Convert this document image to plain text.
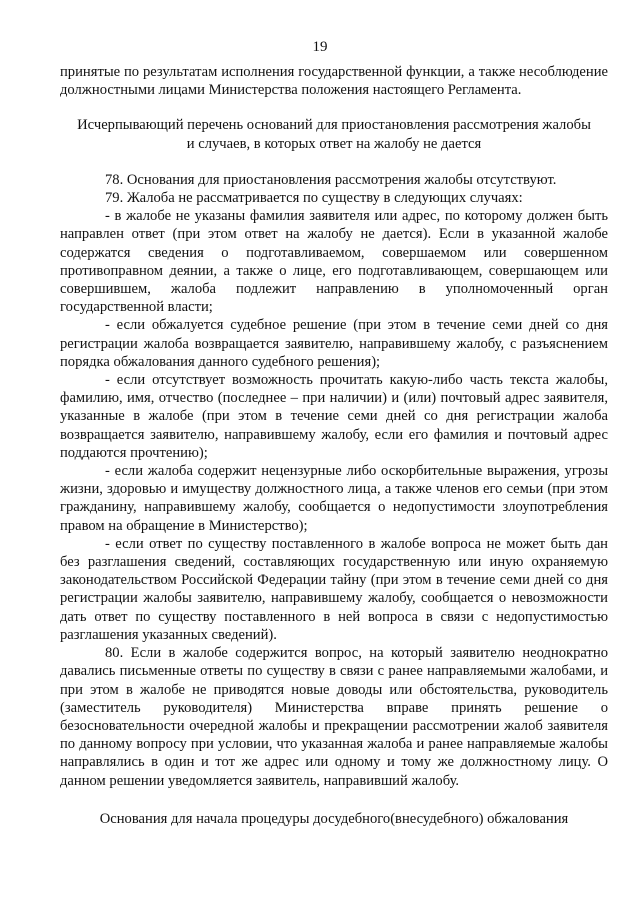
19

принятые по результатам исполнения государственной функции, а также несоблюдение должностными лицами Министерства положения настоящего Регламента.

Исчерпывающий перечень оснований для приостановления рассмотрения жалобы

и случаев, в которых ответ на жалобу не дается

78. Основания для приостановления рассмотрения жалобы отсутствуют.

79. Жалоба не рассматривается по существу в следующих случаях:

- в жалобе не указаны фамилия заявителя или адрес, по которому должен быть направлен ответ (при этом ответ на жалобу не дается). Если в указанной жалобе содержатся сведения о подготавливаемом, совершаемом или совершенном противоправном деянии, а также о лице, его подготавливающем, совершающем или совершившем, жалоба подлежит направлению в уполномоченный орган государственной власти;

- если обжалуется судебное решение (при этом в течение семи дней со дня регистрации жалоба возвращается заявителю, направившему жалобу, с разъяснением порядка обжалования данного судебного решения);

- если отсутствует возможность прочитать какую-либо часть текста жалобы, фамилию, имя, отчество (последнее – при наличии) и (или) почтовый адрес заявителя, указанные в жалобе (при этом в течение семи дней со дня регистрации жалоба возвращается заявителю, направившему жалобу, если его фамилия и почтовый адрес поддаются прочтению);

- если жалоба содержит нецензурные либо оскорбительные выражения, угрозы жизни, здоровью и имуществу должностного лица, а также членов его семьи (при этом гражданину, направившему жалобу, сообщается о недопустимости злоупотребления правом на обращение в Министерство);

- если ответ по существу поставленного в жалобе вопроса не может быть дан без разглашения сведений, составляющих государственную или иную охраняемую законодательством Российской Федерации тайну (при этом в течение семи дней со дня регистрации жалобы заявителю, направившему жалобу, сообщается о невозможности дать ответ по существу поставленного в ней вопроса в связи с недопустимостью разглашения указанных сведений).

80. Если в жалобе содержится вопрос, на который заявителю неоднократно давались письменные ответы по существу в связи с ранее направляемыми жалобами, и при этом в жалобе не приводятся новые доводы или обстоятельства, руководитель (заместитель руководителя) Министерства вправе принять решение о безосновательности очередной жалобы и прекращении рассмотрении жалоб заявителя по данному вопросу при условии, что указанная жалоба и ранее направляемые жалобы направлялись в один и тот же адрес или одному и тому же должностному лицу. О данном решении уведомляется заявитель, направивший жалобу.

Основания для начала процедуры досудебного(внесудебного) обжалования
